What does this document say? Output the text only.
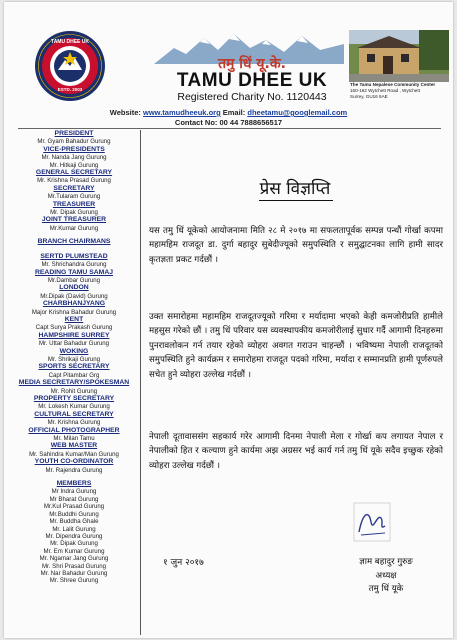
TAMU DHEE UK
ESTD. 2003
तमु धिं यू.के.
TAMU DHEE UK
Registered Charity No. 1120443
The Tamu Nepalese Community Center
160-162 Wytchett Road , Wytchett
Surrey, GU16 6AE
Website: www.tamudheeuk.org Email: dheetamu@googlemail.com
Contact No: 00 44 7888656517
PRESIDENT
Mr. Gyam Bahadur Gurung
VICE-PRESIDENTS
Mr. Nanda Jang Gurung
Mr. Hitkaji Gurung
GENERAL SECRETARY
Mr. Krishna Prasad Gurung
SECRETARY
Mr.Tularam Gurung
TREASURER
Mr. Dipak Gurung
JOINT TREASURER
Mr.Kumar Gurung
BRANCH CHAIRMANS
SERTD PLUMSTEAD
Mr. Shrichandra Gurung
READING TAMU SAMAJ
Mr.Dambar Gurung
LONDON
Mr.Dipak (David) Gurung
CHARBHANJYANG
Major Krishna Bahadur Gurung
KENT
Capt Surya Prakash Gurung
HAMPSHIRE SURREY
Mr. Uttar Bahadur Gurung
WOKING
Mr. Shrikaji Gurung
SPORTS SECRETARY
Capt Pitambar Grg
MEDIA SECRETARY/SPOKESMAN
Mr. Rohit Gurung
PROPERTY SECRETARY
Mr. Lokesh Kumar Gurung
CULTURAL SECRETARY
Mr. Krishna Gurung
OFFICIAL PHOTOGRAPHER
Mr. Milan Tamu
WEB MASTER
Mr. Sahindra Kumar/Man Gurung
YOUTH CO-ORDINATOR
Mr. Rajendra Gurung
MEMBERS
Mr Indra Gurung
Mr Bharat Gurung
Mr.Kul Prasad Gurung
Mr.Buddhi Gurung
Mr. Buddha Ghale
Mr. Lalit Gurung
Mr. Dipendra Gurung
Mr. Dipak Gurung
Mr. Em Kumar Gurung
Mr. Ngamar Jang Gurung
Mr. Shri Prasad Gurung
Mr. Nar Bahadur Gurung
Mr. Shree Gurung
प्रेस विज्ञप्ति
यस तमु धिं यूकेको आयोजनामा मिति २८ मे २०१७ मा सफलतापूर्वक सम्पन्न पन्धौं गोर्खा कपमा महामहिम राजदूत डा. दुर्गा बहादुर सुबेदीज्यूको समुपस्थिति र समुद्घाटनका लागि हामी सादर कृतज्ञता प्रकट गर्दछौं ।
उक्त समारोहमा महामहिम राजदूतज्यूको गरिमा र मर्यादामा भएको केही कमजोरीप्रति हामीले महसुस गरेको छौं । तमु धिं परिवार यस व्यवस्थापकीय कमजोरीलाई सुधार गर्दै आगामी दिनहरुमा पुनरावलोकन गर्न तयार रहेको व्योहरा अवगत गराउन चाहन्छौं । भविष्यमा नेपाली राजदूतको समुपस्थिति हुने कार्यक्रम र समारोहमा राजदूत पदको गरिमा, मर्यादा र सम्मानप्रति हामी पूर्णरुपले सचेत हुने व्योहरा उल्लेख गर्दछौं ।
नेपाली दूतावाससंग सहकार्य गरेर आगामी दिनमा नेपाली मेला र गोर्खा कप लगायत नेपाल र नेपालीको हित र कल्याण हुने कार्यमा अझ अग्रसर भई कार्य गर्न तमु धिं यूके सदैव इच्छुक रहेको व्योहरा उल्लेख गर्दछौं ।
१ जुन २०१७	ज्ञाम बहादुर गुरुङ
अध्यक्ष
तमु धिं यूके
